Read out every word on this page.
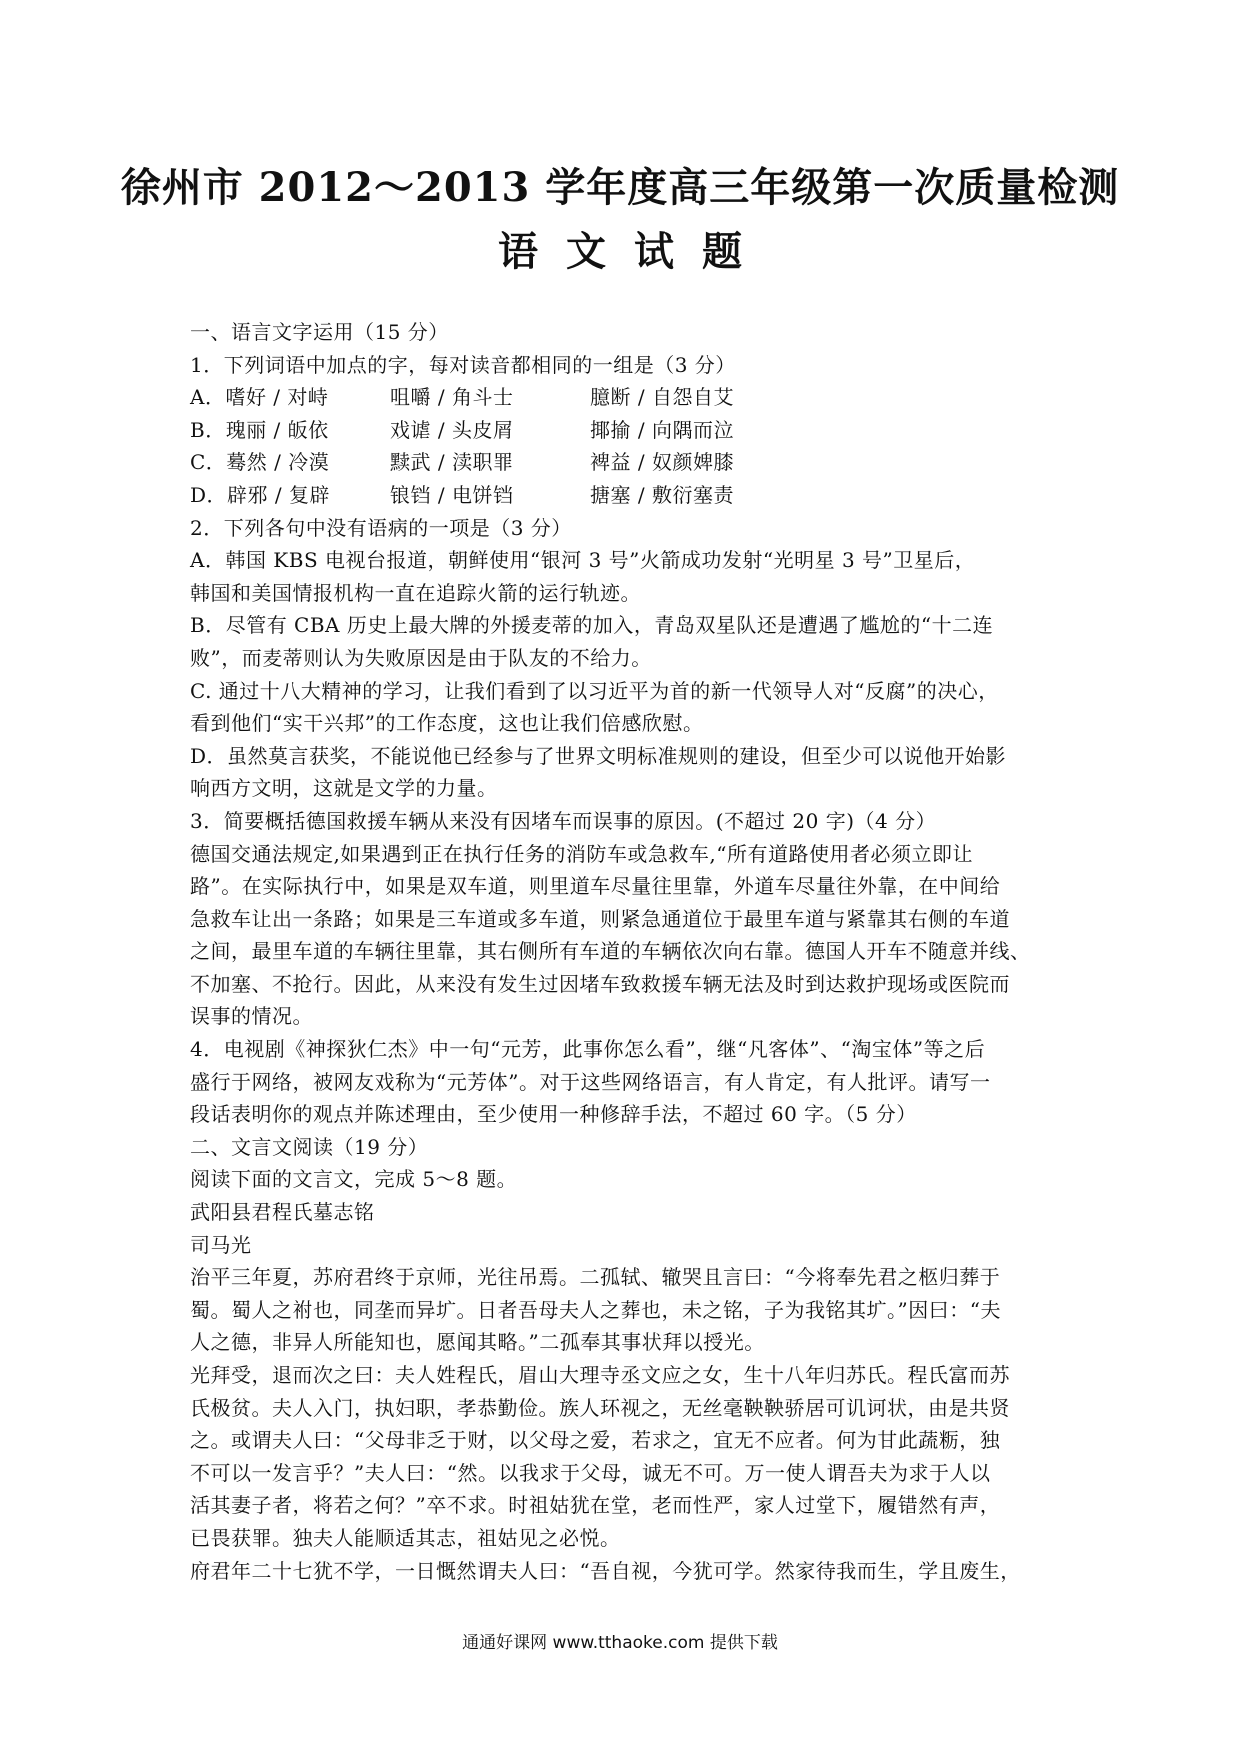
徐州市 2012～2013 学年度高三年级第一次质量检测
语文试题

一、语言文字运用（15 分）

1．下列词语中加点的字，每对读音都相同的一组是（3 分）

A．嗜好 / 对峙	咀嚼 / 角斗士	臆断 / 自怨自艾
B．瑰丽 / 皈依	戏谑 / 头皮屑	揶揄 / 向隅而泣
C．蓦然 / 冷漠	黩武 / 渎职罪	裨益 / 奴颜婢膝
D．辟邪 / 复辟	锒铛 / 电饼铛	搪塞 / 敷衍塞责

2．下列各句中没有语病的一项是（3 分）

A．韩国 KBS 电视台报道，朝鲜使用“银河 3 号”火箭成功发射“光明星 3 号”卫星后，

韩国和美国情报机构一直在追踪火箭的运行轨迹。

B．尽管有 CBA 历史上最大牌的外援麦蒂的加入，青岛双星队还是遭遇了尴尬的“十二连

败”，而麦蒂则认为失败原因是由于队友的不给力。

C. 通过十八大精神的学习，让我们看到了以习近平为首的新一代领导人对“反腐”的决心，

看到他们“实干兴邦”的工作态度，这也让我们倍感欣慰。

D．虽然莫言获奖，不能说他已经参与了世界文明标准规则的建设，但至少可以说他开始影

响西方文明，这就是文学的力量。

3．简要概括德国救援车辆从来没有因堵车而误事的原因。(不超过 20 字)（4 分）

德国交通法规定,如果遇到正在执行任务的消防车或急救车,“所有道路使用者必须立即让

路”。在实际执行中，如果是双车道，则里道车尽量往里靠，外道车尽量往外靠，在中间给

急救车让出一条路；如果是三车道或多车道，则紧急通道位于最里车道与紧靠其右侧的车道

之间，最里车道的车辆往里靠，其右侧所有车道的车辆依次向右靠。德国人开车不随意并线、

不加塞、不抢行。因此，从来没有发生过因堵车致救援车辆无法及时到达救护现场或医院而

误事的情况。

4．电视剧《神探狄仁杰》中一句“元芳，此事你怎么看”，继“凡客体”、“淘宝体”等之后

盛行于网络，被网友戏称为“元芳体”。对于这些网络语言，有人肯定，有人批评。请写一

段话表明你的观点并陈述理由，至少使用一种修辞手法，不超过 60 字。（5 分）

二、文言文阅读（19 分）

阅读下面的文言文，完成 5～8 题。

武阳县君程氏墓志铭

司马光

治平三年夏，苏府君终于京师，光往吊焉。二孤轼、辙哭且言曰：“今将奉先君之柩归葬于

蜀。蜀人之祔也，同垄而异圹。日者吾母夫人之葬也，未之铭，子为我铭其圹。”因曰：“夫

人之德，非异人所能知也，愿闻其略。”二孤奉其事状拜以授光。

光拜受，退而次之曰：夫人姓程氏，眉山大理寺丞文应之女，生十八年归苏氏。程氏富而苏

氏极贫。夫人入门，执妇职，孝恭勤俭。族人环视之，无丝毫鞅鞅骄居可讥诃状，由是共贤

之。或谓夫人曰：“父母非乏于财，以父母之爱，若求之，宜无不应者。何为甘此蔬粝，独

不可以一发言乎？”夫人曰：“然。以我求于父母，诚无不可。万一使人谓吾夫为求于人以

活其妻子者，将若之何？”卒不求。时祖姑犹在堂，老而性严，家人过堂下，履错然有声，

已畏获罪。独夫人能顺适其志，祖姑见之必悦。

府君年二十七犹不学，一日慨然谓夫人曰：“吾自视，今犹可学。然家待我而生，学且废生，

通通好课网 www.tthaoke.com 提供下载
